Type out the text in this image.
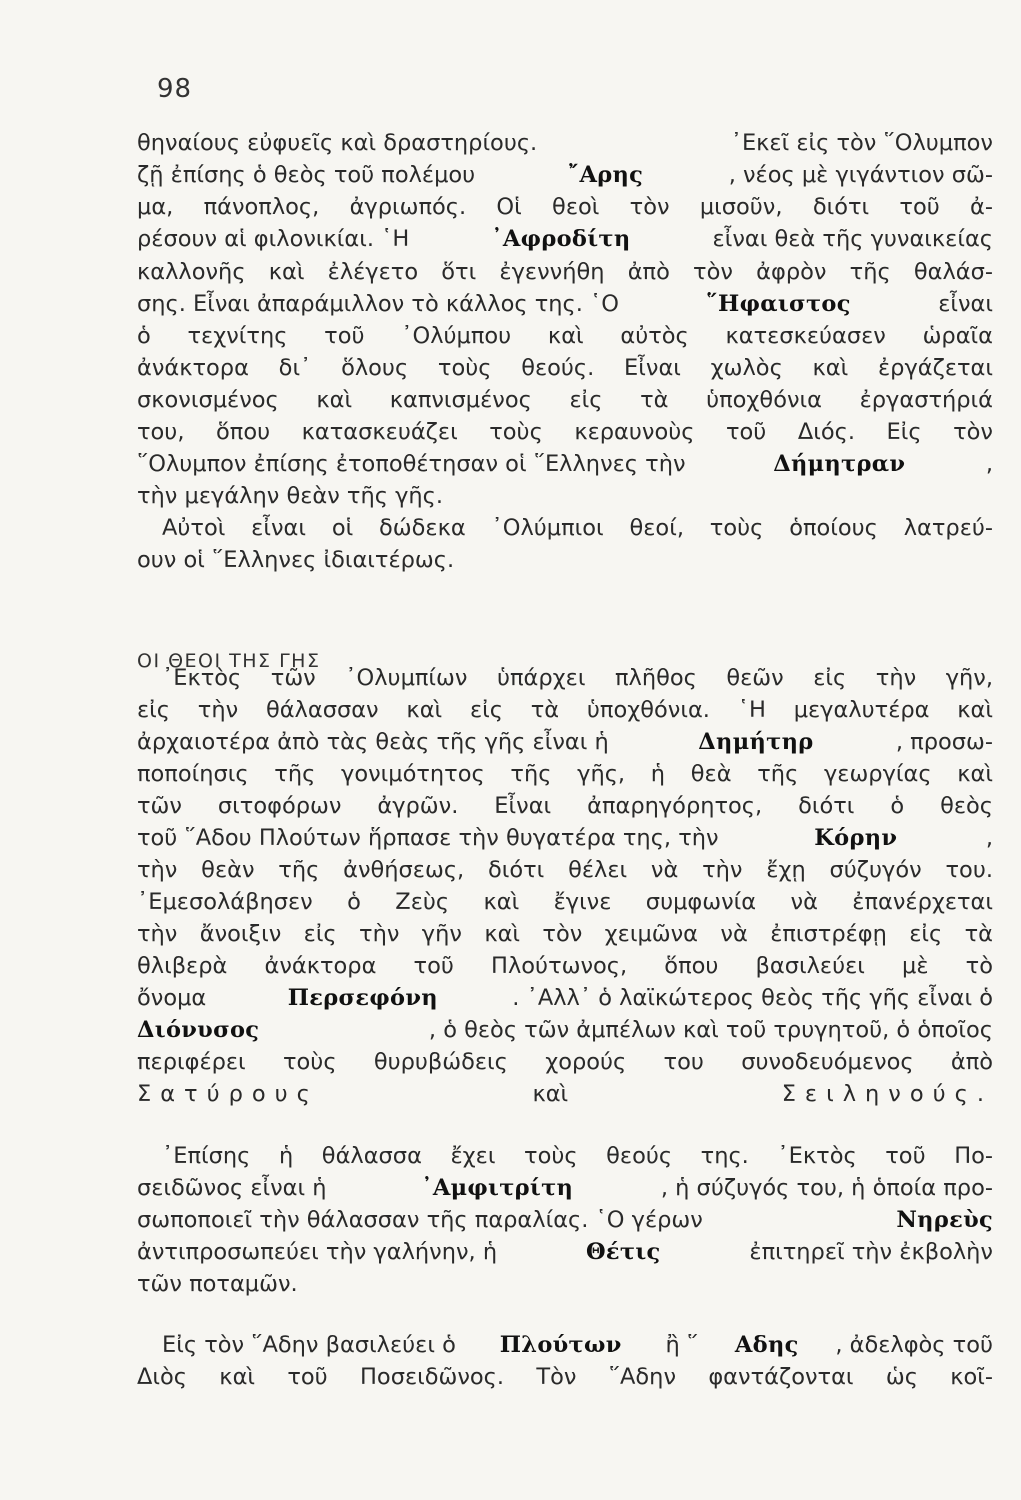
98
ΟΙ ΘΕΟΙ ΤΗΣ ΓΗΣ
θηναίους εὐφυεῖς καὶ δραστηρίους.	᾿Εκεῖ εἰς τὸν ῞Ολυμπον
ζῇ ἐπίσης ὁ θεὸς τοῦ πολέμου	῎Αρης	, νέος μὲ γιγάντιον σῶ-
μα, πάνοπλος, ἀγριωπός. Οἱ θεοὶ τὸν μισοῦν, διότι τοῦ ἀ-
ρέσουν αἱ φιλονικίαι. ῾Η	᾿Αφροδίτη	εἶναι θεὰ τῆς γυναικείας
καλλονῆς καὶ ἐλέγετο ὅτι ἐγεννήθη ἀπὸ τὸν ἀφρὸν τῆς θαλάσ-
σης. Εἶναι ἀπαράμιλλον τὸ κάλλος της. ῾Ο	῞Ηφαιστος	εἶναι
ὁ τεχνίτης τοῦ ᾿Ολύμπου καὶ αὐτὸς κατεσκεύασεν ὡραῖα
ἀνάκτορα δι᾿ ὅλους τοὺς θεούς. Εἶναι χωλὸς καὶ ἐργάζεται
σκονισμένος καὶ καπνισμένος εἰς τὰ ὑποχθόνια ἐργαστήριά
του, ὅπου κατασκευάζει τοὺς κεραυνοὺς τοῦ Διός. Εἰς τὸν
῞Ολυμπον ἐπίσης ἐτοποθέτησαν οἱ ῞Ελληνες τὴν	Δήμητραν	,
τὴν μεγάλην θεὰν τῆς γῆς.
Αὐτοὶ εἶναι οἱ δώδεκα ᾿Ολύμπιοι θεοί, τοὺς ὁποίους λατρεύ-
ουν οἱ ῞Ελληνες ἰδιαιτέρως.
᾿Εκτὸς τῶν ᾿Ολυμπίων ὑπάρχει πλῆθος θεῶν εἰς τὴν γῆν,
εἰς τὴν θάλασσαν καὶ εἰς τὰ ὑποχθόνια. ῾Η μεγαλυτέρα καὶ
ἀρχαιοτέρα ἀπὸ τὰς θεὰς τῆς γῆς εἶναι ἡ	Δημήτηρ	, προσω-
ποποίησις τῆς γονιμότητος τῆς γῆς, ἡ θεὰ τῆς γεωργίας καὶ
τῶν σιτοφόρων ἀγρῶν. Εἶναι ἀπαρηγόρητος, διότι ὁ θεὸς
τοῦ ῞Αδου Πλούτων ἥρπασε τὴν θυγατέρα της, τὴν	Κόρην	,
τὴν θεὰν τῆς ἀνθήσεως, διότι θέλει νὰ τὴν ἔχῃ σύζυγόν του.
᾿Εμεσολάβησεν ὁ Ζεὺς καὶ ἔγινε συμφωνία νὰ ἐπανέρχεται
τὴν ἄνοιξιν εἰς τὴν γῆν καὶ τὸν χειμῶνα νὰ ἐπιστρέφῃ εἰς τὰ
θλιβερὰ ἀνάκτορα τοῦ Πλούτωνος, ὅπου βασιλεύει μὲ τὸ
ὄνομα	Περσεφόνη	. ᾿Αλλ᾿ ὁ λαϊκώτερος θεὸς τῆς γῆς εἶναι ὁ
Διόνυσος	, ὁ θεὸς τῶν ἀμπέλων καὶ τοῦ τρυγητοῦ, ὁ ὁποῖος
περιφέρει τοὺς θυρυβώδεις χορούς του συνοδευόμενος ἀπὸ
Σατύρους	καὶ	Σειληνούς.
᾿Επίσης ἡ θάλασσα ἔχει τοὺς θεούς της. ᾿Εκτὸς τοῦ Πο-
σειδῶνος εἶναι ἡ	᾿Αμφιτρίτη	, ἡ σύζυγός του, ἡ ὁποία προ-
σωποποιεῖ τὴν θάλασσαν τῆς παραλίας. ῾Ο γέρων	Νηρεὺς
ἀντιπροσωπεύει τὴν γαλήνην, ἡ	Θέτις	ἐπιτηρεῖ τὴν ἐκβολὴν
τῶν ποταμῶν.
Εἰς τὸν ῞Αδην βασιλεύει ὁ Πλούτων ἢ ῞ Αδης , ἀδελφὸς τοῦ
Διὸς καὶ τοῦ Ποσειδῶνος. Τὸν ῞Αδην φαντάζονται ὡς κοῖ-
